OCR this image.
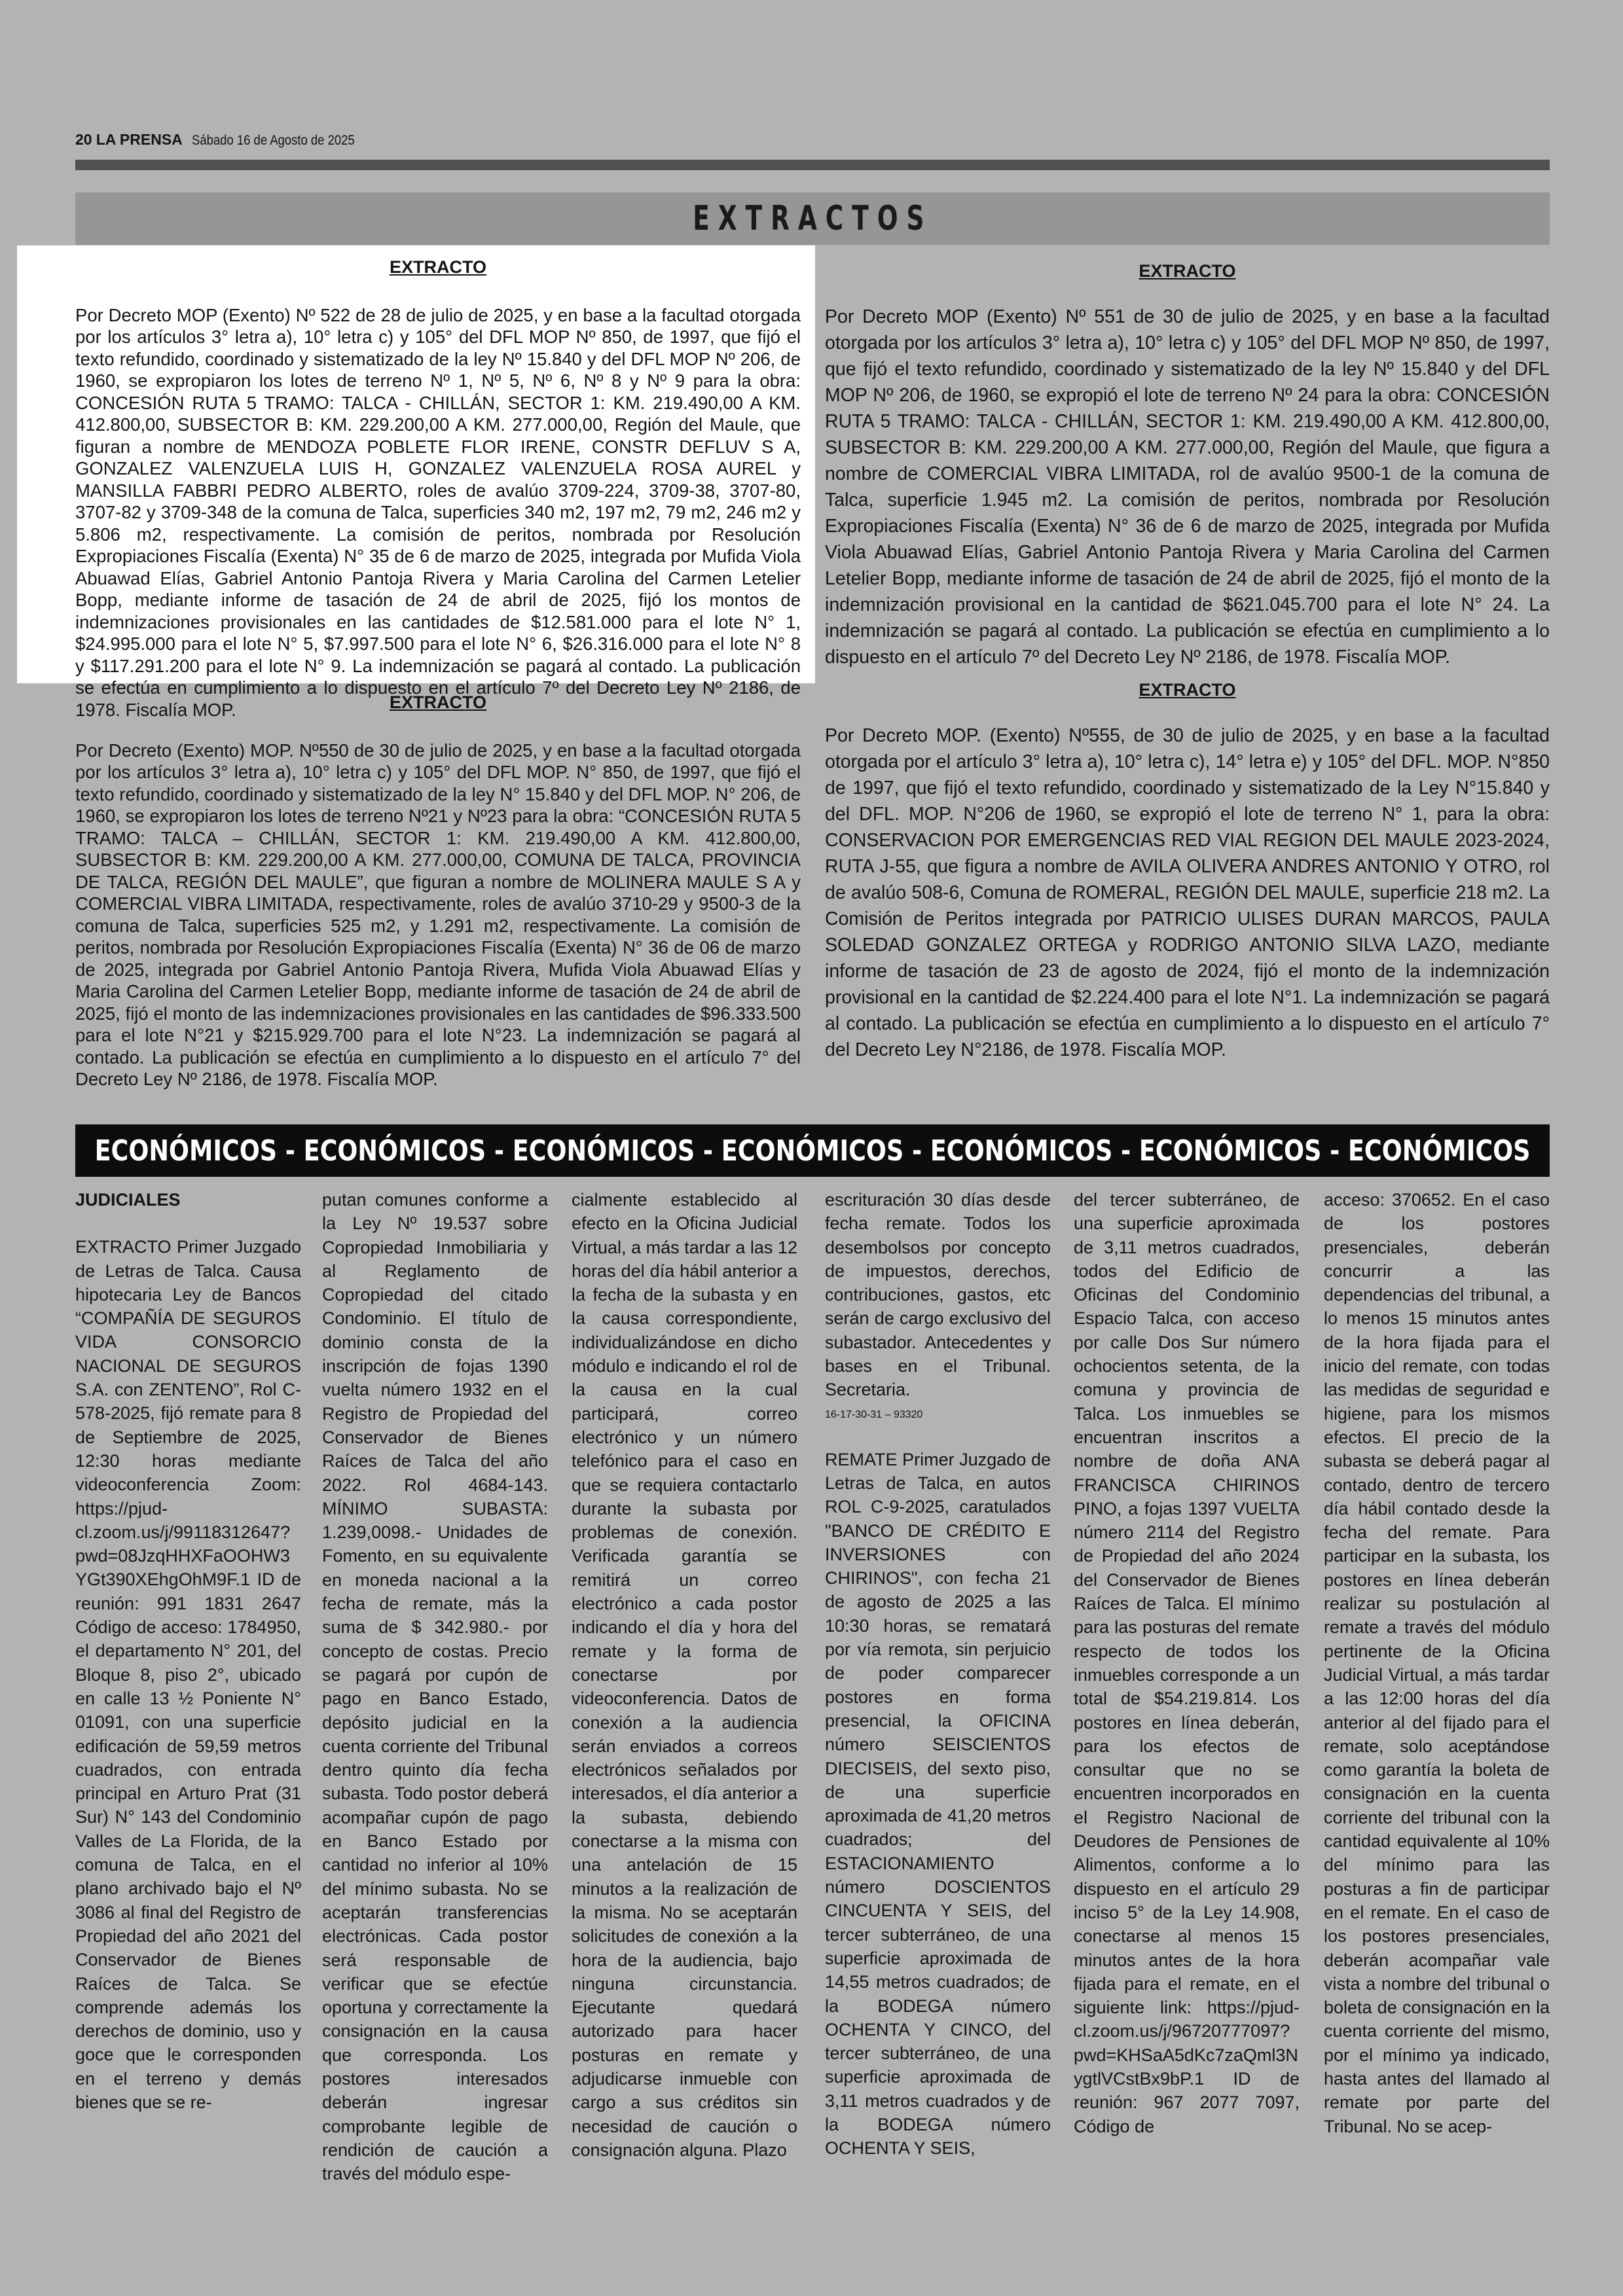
20 LA PRENSA Sábado 16 de Agosto de 2025
EXTRACTOS

EXTRACTO

Por Decreto MOP (Exento) Nº 522 de 28 de julio de 2025, y en base a la facultad otorgada por los artículos 3° letra a), 10° letra c) y 105° del DFL MOP Nº 850, de 1997, que fijó el texto refundido, coordinado y sistematizado de la ley Nº 15.840 y del DFL MOP Nº 206, de 1960, se expropiaron los lotes de terreno Nº 1, Nº 5, Nº 6, Nº 8 y Nº 9 para la obra: CONCESIÓN RUTA 5 TRAMO: TALCA - CHILLÁN, SECTOR 1: KM. 219.490,00 A KM. 412.800,00, SUBSECTOR B: KM. 229.200,00 A KM. 277.000,00, Región del Maule, que figuran a nombre de MENDOZA POBLETE FLOR IRENE, CONSTR DEFLUV S A, GONZALEZ VALENZUELA LUIS H, GONZALEZ VALENZUELA ROSA AUREL y MANSILLA FABBRI PEDRO ALBERTO, roles de avalúo 3709-224, 3709-38, 3707-80, 3707-82 y 3709-348 de la comuna de Talca, superficies 340 m2, 197 m2, 79 m2, 246 m2 y 5.806 m2, respectivamente. La comisión de peritos, nombrada por Resolución Expropiaciones Fiscalía (Exenta) N° 35 de 6 de marzo de 2025, integrada por Mufida Viola Abuawad Elías, Gabriel Antonio Pantoja Rivera y Maria Carolina del Carmen Letelier Bopp, mediante informe de tasación de 24 de abril de 2025, fijó los montos de indemnizaciones provisionales en las cantidades de $12.581.000 para el lote N° 1, $24.995.000 para el lote N° 5, $7.997.500 para el lote N° 6, $26.316.000 para el lote N° 8 y $117.291.200 para el lote N° 9. La indemnización se pagará al contado. La publicación se efectúa en cumplimiento a lo dispuesto en el artículo 7º del Decreto Ley Nº 2186, de 1978. Fiscalía MOP.	EXTRACTO

Por Decreto (Exento) MOP. Nº550 de 30 de julio de 2025, y en base a la facultad otorgada por los artículos 3° letra a), 10° letra c) y 105° del DFL MOP. N° 850, de 1997, que fijó el texto refundido, coordinado y sistematizado de la ley N° 15.840 y del DFL MOP. N° 206, de 1960, se expropiaron los lotes de terreno Nº21 y Nº23 para la obra: “CONCESIÓN RUTA 5 TRAMO: TALCA – CHILLÁN, SECTOR 1: KM. 219.490,00 A KM. 412.800,00, SUBSECTOR B: KM. 229.200,00 A KM. 277.000,00, COMUNA DE TALCA, PROVINCIA DE TALCA, REGIÓN DEL MAULE”, que figuran a nombre de MOLINERA MAULE S A y COMERCIAL VIBRA LIMITADA, respectivamente, roles de avalúo 3710-29 y 9500-3 de la comuna de Talca, superficies 525 m2, y 1.291 m2, respectivamente. La comisión de peritos, nombrada por Resolución Expropiaciones Fiscalía (Exenta) N° 36 de 06 de marzo de 2025, integrada por Gabriel Antonio Pantoja Rivera, Mufida Viola Abuawad Elías y Maria Carolina del Carmen Letelier Bopp, mediante informe de tasación de 24 de abril de 2025, fijó el monto de las indemnizaciones provisionales en las cantidades de $96.333.500 para el lote N°21 y $215.929.700 para el lote N°23. La indemnización se pagará al contado. La publicación se efectúa en cumplimiento a lo dispuesto en el artículo 7° del Decreto Ley Nº 2186, de 1978. Fiscalía MOP.

EXTRACTO

Por Decreto MOP (Exento) Nº 551 de 30 de julio de 2025, y en base a la facultad otorgada por los artículos 3° letra a), 10° letra c) y 105° del DFL MOP Nº 850, de 1997, que fijó el texto refundido, coordinado y sistematizado de la ley Nº 15.840 y del DFL MOP Nº 206, de 1960, se expropió el lote de terreno Nº 24 para la obra: CONCESIÓN RUTA 5 TRAMO: TALCA - CHILLÁN, SECTOR 1: KM. 219.490,00 A KM. 412.800,00, SUBSECTOR B: KM. 229.200,00 A KM. 277.000,00, Región del Maule, que figura a nombre de COMERCIAL VIBRA LIMITADA, rol de avalúo 9500-1 de la comuna de Talca, superficie 1.945 m2. La comisión de peritos, nombrada por Resolución Expropiaciones Fiscalía (Exenta) N° 36 de 6 de marzo de 2025, integrada por Mufida Viola Abuawad Elías, Gabriel Antonio Pantoja Rivera y Maria Carolina del Carmen Letelier Bopp, mediante informe de tasación de 24 de abril de 2025, fijó el monto de la indemnización provisional en la cantidad de $621.045.700 para el lote N° 24. La indemnización se pagará al contado. La publicación se efectúa en cumplimiento a lo dispuesto en el artículo 7º del Decreto Ley Nº 2186, de 1978. Fiscalía MOP.

EXTRACTO

Por Decreto MOP. (Exento) Nº555, de 30 de julio de 2025, y en base a la facultad otorgada por el artículo 3° letra a), 10° letra c), 14° letra e) y 105° del DFL. MOP. N°850 de 1997, que fijó el texto refundido, coordinado y sistematizado de la Ley N°15.840 y del DFL. MOP. N°206 de 1960, se expropió el lote de terreno N° 1, para la obra: CONSERVACION POR EMERGENCIAS RED VIAL REGION DEL MAULE 2023-2024, RUTA J-55, que figura a nombre de AVILA OLIVERA ANDRES ANTONIO Y OTRO, rol de avalúo 508-6, Comuna de ROMERAL, REGIÓN DEL MAULE, superficie 218 m2. La Comisión de Peritos integrada por PATRICIO ULISES DURAN MARCOS, PAULA SOLEDAD GONZALEZ ORTEGA y RODRIGO ANTONIO SILVA LAZO, mediante informe de tasación de 23 de agosto de 2024, fijó el monto de la indemnización provisional en la cantidad de $2.224.400 para el lote N°1. La indemnización se pagará al contado. La publicación se efectúa en cumplimiento a lo dispuesto en el artículo 7° del Decreto Ley N°2186, de 1978. Fiscalía MOP.

ECONÓMICOS - ECONÓMICOS - ECONÓMICOS - ECONÓMICOS - ECONÓMICOS - ECONÓMICOS - ECONÓMICOS

JUDICIALES

EXTRACTO Primer Juzgado de Letras de Talca. Causa hipotecaria Ley de Bancos “COMPAÑÍA DE SEGUROS VIDA CONSORCIO NACIONAL DE SEGUROS S.A. con ZENTENO”, Rol C-578-2025, fijó remate para 8 de Septiembre de 2025, 12:30 horas mediante videoconferencia Zoom: https://pjud-cl.zoom.us/j/99118312647?pwd=08JzqHHXFaOOHW3YGt390XEhgOhM9F.1 ID de reunión: 991 1831 2647 Código de acceso: 1784950, el departamento N° 201, del Bloque 8, piso 2°, ubicado en calle 13 ½ Poniente N° 01091, con una superficie edificación de 59,59 metros cuadrados, con entrada principal en Arturo Prat (31 Sur) N° 143 del Condominio Valles de La Florida, de la comuna de Talca, en el plano archivado bajo el Nº 3086 al final del Registro de Propiedad del año 2021 del Conservador de Bienes Raíces de Talca. Se comprende además los derechos de dominio, uso y goce que le corresponden en el terreno y demás bienes que se re-

putan comunes conforme a la Ley Nº 19.537 sobre Copropiedad Inmobiliaria y al Reglamento de Copropiedad del citado Condominio. El título de dominio consta de la inscripción de fojas 1390 vuelta número 1932 en el Registro de Propiedad del Conservador de Bienes Raíces de Talca del año 2022. Rol 4684-143. MÍNIMO SUBASTA: 1.239,0098.- Unidades de Fomento, en su equivalente en moneda nacional a la fecha de remate, más la suma de $ 342.980.- por concepto de costas. Precio se pagará por cupón de pago en Banco Estado, depósito judicial en la cuenta corriente del Tribunal dentro quinto día fecha subasta. Todo postor deberá acompañar cupón de pago en Banco Estado por cantidad no inferior al 10% del mínimo subasta. No se aceptarán transferencias electrónicas. Cada postor será responsable de verificar que se efectúe oportuna y correctamente la consignación en la causa que corresponda. Los postores interesados deberán ingresar comprobante legible de rendición de caución a través del módulo espe-

cialmente establecido al efecto en la Oficina Judicial Virtual, a más tardar a las 12 horas del día hábil anterior a la fecha de la subasta y en la causa correspondiente, individualizándose en dicho módulo e indicando el rol de la causa en la cual participará, correo electrónico y un número telefónico para el caso en que se requiera contactarlo durante la subasta por problemas de conexión. Verificada garantía se remitirá un correo electrónico a cada postor indicando el día y hora del remate y la forma de conectarse por videoconferencia. Datos de conexión a la audiencia serán enviados a correos electrónicos señalados por interesados, el día anterior a la subasta, debiendo conectarse a la misma con una antelación de 15 minutos a la realización de la misma. No se aceptarán solicitudes de conexión a la hora de la audiencia, bajo ninguna circunstancia. Ejecutante quedará autorizado para hacer posturas en remate y adjudicarse inmueble con cargo a sus créditos sin necesidad de caución o consignación alguna. Plazo

escrituración 30 días desde fecha remate. Todos los desembolsos por concepto de impuestos, derechos, contribuciones, gastos, etc serán de cargo exclusivo del subastador. Antecedentes y bases en el Tribunal. Secretaria.

16-17-30-31 – 93320

REMATE Primer Juzgado de Letras de Talca, en autos ROL C-9-2025, caratulados "BANCO DE CRÉDITO E INVERSIONES con CHIRINOS", con fecha 21 de agosto de 2025 a las 10:30 horas, se rematará por vía remota, sin perjuicio de poder comparecer postores en forma presencial, la OFICINA número SEISCIENTOS DIECISEIS, del sexto piso, de una superficie aproximada de 41,20 metros cuadrados; del ESTACIONAMIENTO número DOSCIENTOS CINCUENTA Y SEIS, del tercer subterráneo, de una superficie aproximada de 14,55 metros cuadrados; de la BODEGA número OCHENTA Y CINCO, del tercer subterráneo, de una superficie aproximada de 3,11 metros cuadrados y de la BODEGA número OCHENTA Y SEIS,

del tercer subterráneo, de una superficie aproximada de 3,11 metros cuadrados, todos del Edificio de Oficinas del Condominio Espacio Talca, con acceso por calle Dos Sur número ochocientos setenta, de la comuna y provincia de Talca. Los inmuebles se encuentran inscritos a nombre de doña ANA FRANCISCA CHIRINOS PINO, a fojas 1397 VUELTA número 2114 del Registro de Propiedad del año 2024 del Conservador de Bienes Raíces de Talca. El mínimo para las posturas del remate respecto de todos los inmuebles corresponde a un total de $54.219.814. Los postores en línea deberán, para los efectos de consultar que no se encuentren incorporados en el Registro Nacional de Deudores de Pensiones de Alimentos, conforme a lo dispuesto en el artículo 29 inciso 5° de la Ley 14.908, conectarse al menos 15 minutos antes de la hora fijada para el remate, en el siguiente link: https://pjud- cl.zoom.us/j/96720777097?pwd=KHSaA5dKc7zaQml3NygtlVCstBx9bP.1 ID de reunión: 967 2077 7097, Código de

acceso: 370652. En el caso de los postores presenciales, deberán concurrir a las dependencias del tribunal, a lo menos 15 minutos antes de la hora fijada para el inicio del remate, con todas las medidas de seguridad e higiene, para los mismos efectos. El precio de la subasta se deberá pagar al contado, dentro de tercero día hábil contado desde la fecha del remate. Para participar en la subasta, los postores en línea deberán realizar su postulación al remate a través del módulo pertinente de la Oficina Judicial Virtual, a más tardar a las 12:00 horas del día anterior al del fijado para el remate, solo aceptándose como garantía la boleta de consignación en la cuenta corriente del tribunal con la cantidad equivalente al 10% del mínimo para las posturas a fin de participar en el remate. En el caso de los postores presenciales, deberán acompañar vale vista a nombre del tribunal o boleta de consignación en la cuenta corriente del mismo, por el mínimo ya indicado, hasta antes del llamado al remate por parte del Tribunal. No se acep-
